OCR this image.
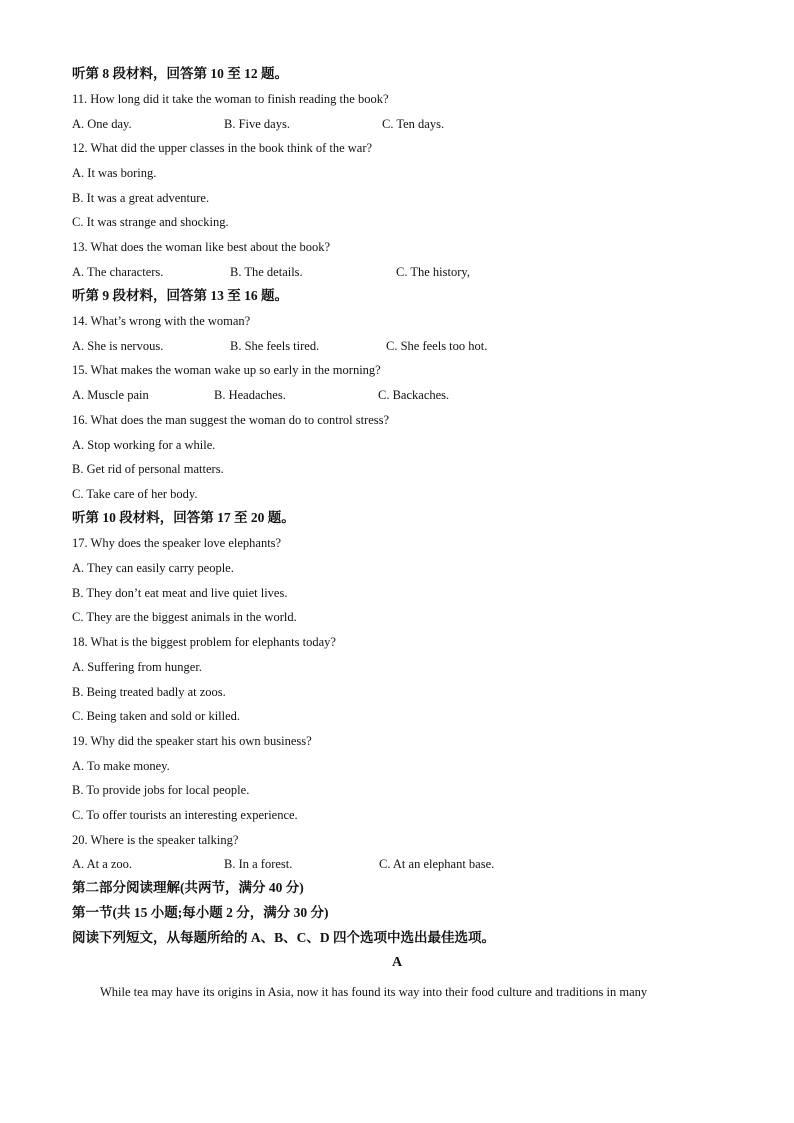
听第 8 段材料，回答第 10 至 12 题。
11. How long did it take the woman to finish reading the book?
A. One day.	B. Five days.	C. Ten days.
12. What did the upper classes in the book think of the war?
A. It was boring.
B. It was a great adventure.
C. It was strange and shocking.
13. What does the woman like best about the book?
A. The characters.	B. The details.	C. The history,
听第 9 段材料，回答第 13 至 16 题。
14. What’s wrong with the woman?
A. She is nervous.	B. She feels tired.	C. She feels too hot.
15. What makes the woman wake up so early in the morning?
A. Muscle pain	B. Headaches.	C. Backaches.
16. What does the man suggest the woman do to control stress?
A. Stop working for a while.
B. Get rid of personal matters.
C. Take care of her body.
听第 10 段材料，回答第 17 至 20 题。
17. Why does the speaker love elephants?
A. They can easily carry people.
B. They don’t eat meat and live quiet lives.
C. They are the biggest animals in the world.
18. What is the biggest problem for elephants today?
A. Suffering from hunger.
B. Being treated badly at zoos.
C. Being taken and sold or killed.
19. Why did the speaker start his own business?
A. To make money.
B. To provide jobs for local people.
C. To offer tourists an interesting experience.
20. Where is the speaker talking?
A. At a zoo.	B. In a forest.	C. At an elephant base.
第二部分阅读理解(共两节，满分 40 分)
第一节(共 15 小题;每小题 2 分，满分 30 分)
阅读下列短文，从每题所给的 A、B、C、D 四个选项中选出最佳选项。
A
While tea may have its origins in Asia, now it has found its way into their food culture and traditions in many
